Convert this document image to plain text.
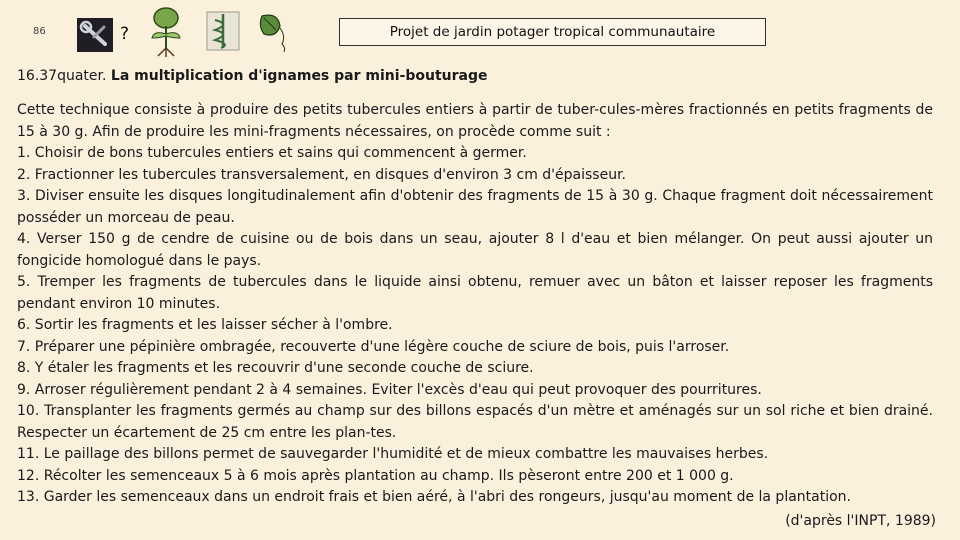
86	?	Projet de jardin potager tropical communautaire
16.37quater. La multiplication d'ignames par mini-bouturage

Cette technique consiste à produire des petits tubercules entiers à partir de tuber-cules-mères fractionnés en petits fragments de 15 à 30 g. Afin de produire les mini-fragments nécessaires, on procède comme suit :

1. Choisir de bons tubercules entiers et sains qui commencent à germer.

2. Fractionner les tubercules transversalement, en disques d'environ 3 cm d'épaisseur.

3. Diviser ensuite les disques longitudinalement afin d'obtenir des fragments de 15 à 30 g. Chaque fragment doit nécessairement posséder un morceau de peau.

4. Verser 150 g de cendre de cuisine ou de bois dans un seau, ajouter 8 l d'eau et bien mélanger. On peut aussi ajouter un fongicide homologué dans le pays.

5. Tremper les fragments de tubercules dans le liquide ainsi obtenu, remuer avec un bâton et laisser reposer les fragments pendant environ 10 minutes.

6. Sortir les fragments et les laisser sécher à l'ombre.

7. Préparer une pépinière ombragée, recouverte d'une légère couche de sciure de bois, puis l'arroser.

8. Y étaler les fragments et les recouvrir d'une seconde couche de sciure.

9. Arroser régulièrement pendant 2 à 4 semaines. Eviter l'excès d'eau qui peut provoquer des pourritures.

10. Transplanter les fragments germés au champ sur des billons espacés d'un mètre et aménagés sur un sol riche et bien drainé. Respecter un écartement de 25 cm entre les plan-tes.

11. Le paillage des billons permet de sauvegarder l'humidité et de mieux combattre les mauvaises herbes.

12. Récolter les semenceaux 5 à 6 mois après plantation au champ. Ils pèseront entre 200 et 1 000 g.

13. Garder les semenceaux dans un endroit frais et bien aéré, à l'abri des rongeurs, jusqu'au moment de la plantation.

(d'après l'INPT, 1989)
